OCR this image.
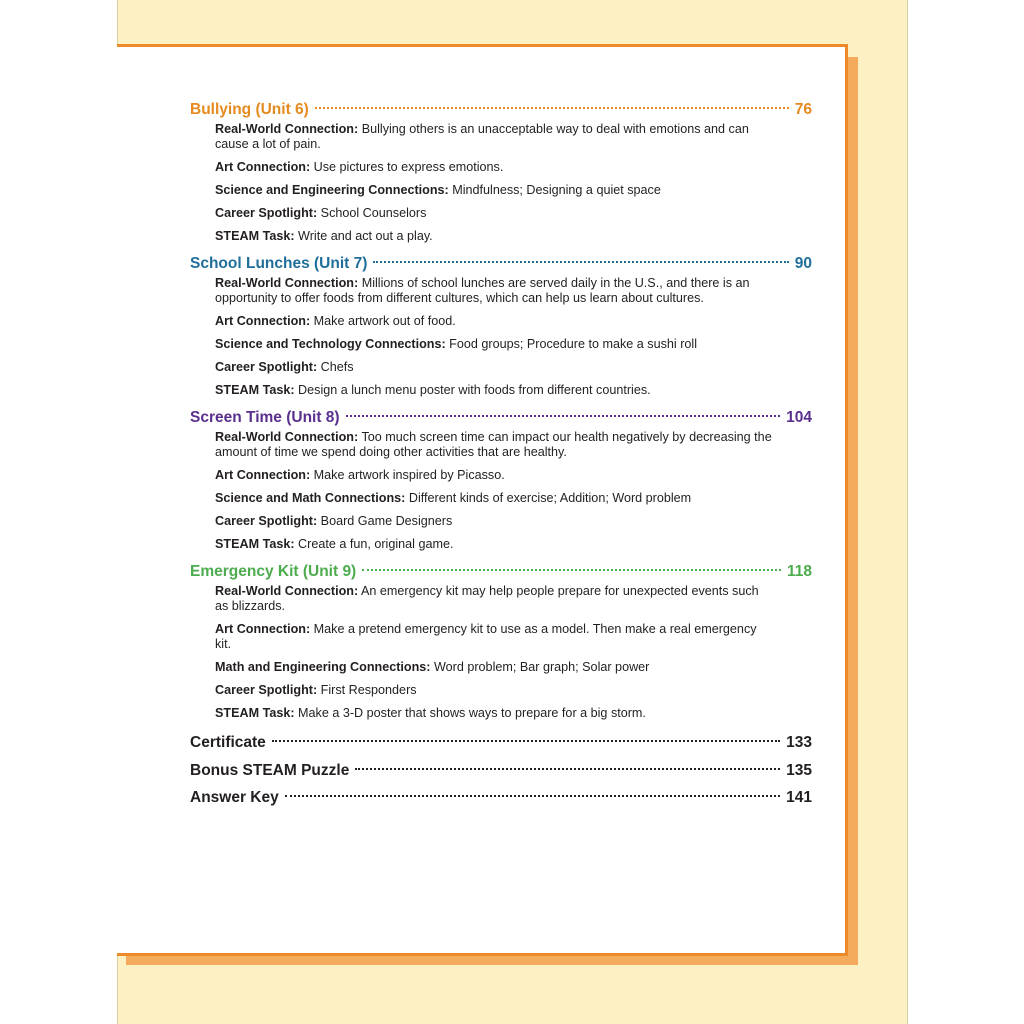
Bullying (Unit 6)	76

Real-World Connection: Bullying others is an unacceptable way to deal with emotions and can cause a lot of pain.

Art Connection: Use pictures to express emotions.

Science and Engineering Connections: Mindfulness; Designing a quiet space

Career Spotlight: School Counselors

STEAM Task: Write and act out a play.

School Lunches (Unit 7)	90

Real-World Connection: Millions of school lunches are served daily in the U.S., and there is an opportunity to offer foods from different cultures, which can help us learn about cultures.

Art Connection: Make artwork out of food.

Science and Technology Connections: Food groups; Procedure to make a sushi roll

Career Spotlight: Chefs

STEAM Task: Design a lunch menu poster with foods from different countries.

Screen Time (Unit 8)	104

Real-World Connection: Too much screen time can impact our health negatively by decreasing the amount of time we spend doing other activities that are healthy.

Art Connection: Make artwork inspired by Picasso.

Science and Math Connections: Different kinds of exercise; Addition; Word problem

Career Spotlight: Board Game Designers

STEAM Task: Create a fun, original game.

Emergency Kit (Unit 9)	118

Real-World Connection: An emergency kit may help people prepare for unexpected events such as blizzards.

Art Connection: Make a pretend emergency kit to use as a model. Then make a real emergency kit.

Math and Engineering Connections: Word problem; Bar graph; Solar power

Career Spotlight: First Responders

STEAM Task: Make a 3-D poster that shows ways to prepare for a big storm.

Certificate	133
Bonus STEAM Puzzle	135
Answer Key	141
